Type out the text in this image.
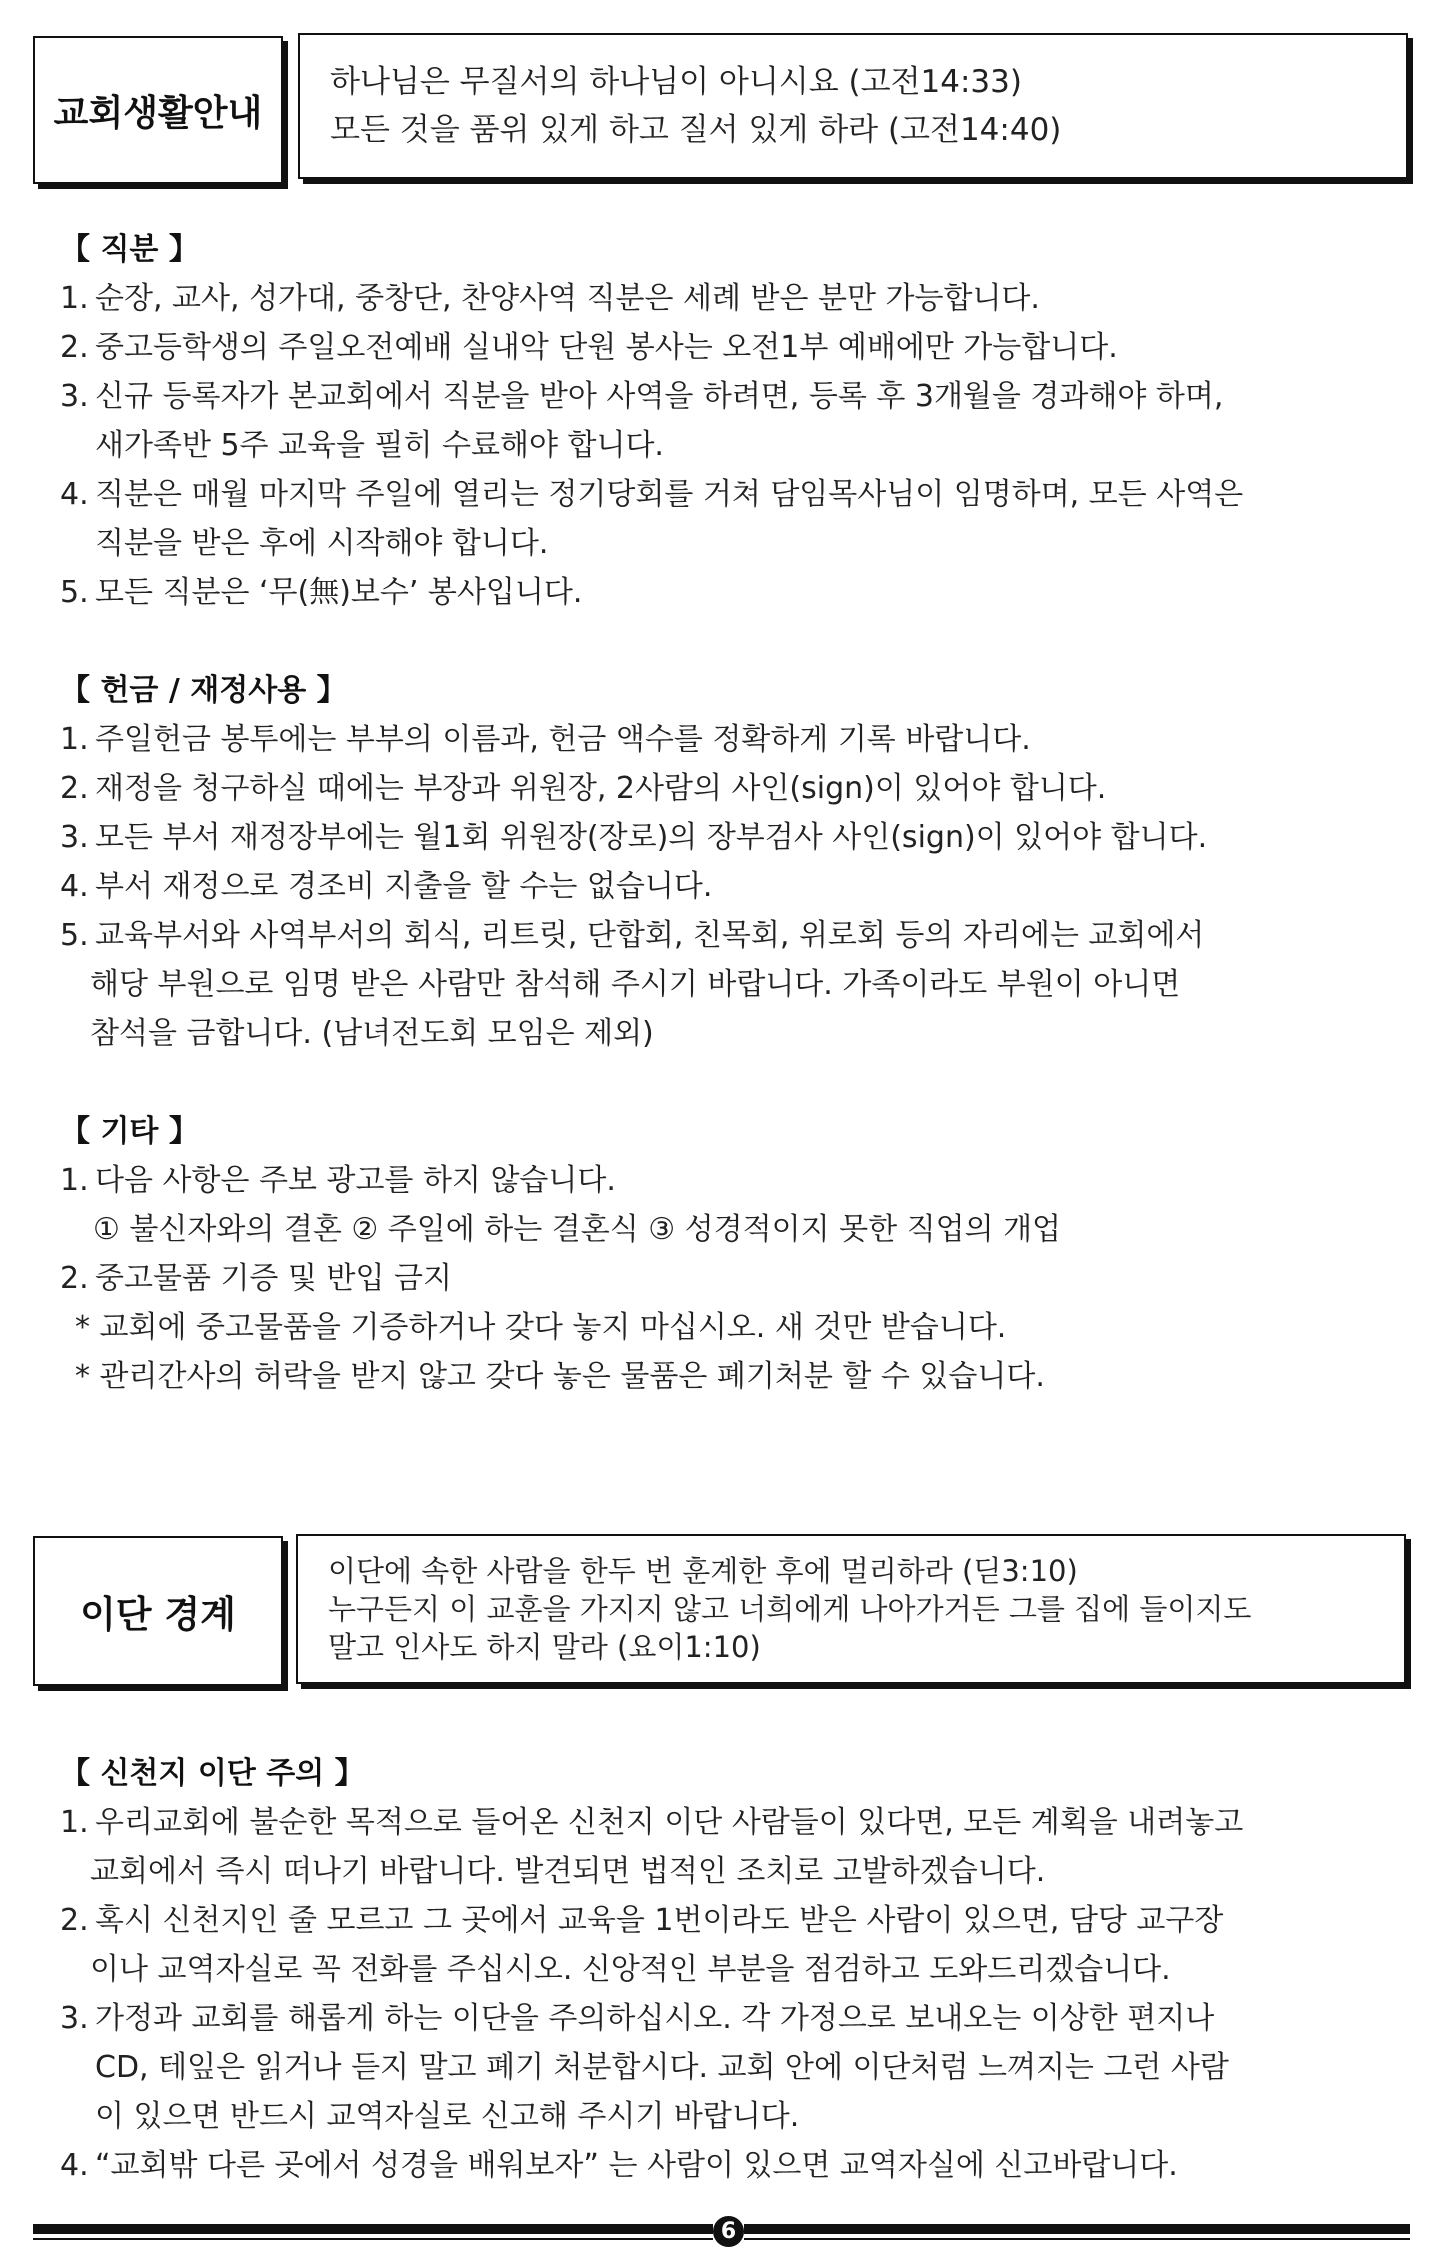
교회생활안내
하나님은 무질서의 하나님이 아니시요 (고전14:33)
모든 것을 품위 있게 하고 질서 있게 하라 (고전14:40)
【 직분 】
1. 순장, 교사, 성가대, 중창단, 찬양사역 직분은 세례 받은 분만 가능합니다.
2. 중고등학생의 주일오전예배 실내악 단원 봉사는 오전1부 예배에만 가능합니다.
3. 신규 등록자가 본교회에서 직분을 받아 사역을 하려면, 등록 후 3개월을 경과해야 하며,
새가족반 5주 교육을 필히 수료해야 합니다.
4. 직분은 매월 마지막 주일에 열리는 정기당회를 거쳐 담임목사님이 임명하며, 모든 사역은
직분을 받은 후에 시작해야 합니다.
5. 모든 직분은 ‘무(無)보수’ 봉사입니다.
【 헌금 / 재정사용 】
1. 주일헌금 봉투에는 부부의 이름과, 헌금 액수를 정확하게 기록 바랍니다.
2. 재정을 청구하실 때에는 부장과 위원장, 2사람의 사인(sign)이 있어야 합니다.
3. 모든 부서 재정장부에는 월1회 위원장(장로)의 장부검사 사인(sign)이 있어야 합니다.
4. 부서 재정으로 경조비 지출을 할 수는 없습니다.
5. 교육부서와 사역부서의 회식, 리트릿, 단합회, 친목회, 위로회 등의 자리에는 교회에서
해당 부원으로 임명 받은 사람만 참석해 주시기 바랍니다. 가족이라도 부원이 아니면
참석을 금합니다. (남녀전도회 모임은 제외)
【 기타 】
1. 다음 사항은 주보 광고를 하지 않습니다.
① 불신자와의 결혼 ② 주일에 하는 결혼식 ③ 성경적이지 못한 직업의 개업
2. 중고물품 기증 및 반입 금지
* 교회에 중고물품을 기증하거나 갖다 놓지 마십시오. 새 것만 받습니다.
* 관리간사의 허락을 받지 않고 갖다 놓은 물품은 폐기처분 할 수 있습니다.
이단 경계
이단에 속한 사람을 한두 번 훈계한 후에 멀리하라 (딛3:10)
누구든지 이 교훈을 가지지 않고 너희에게 나아가거든 그를 집에 들이지도
말고 인사도 하지 말라 (요이1:10)
【 신천지 이단 주의 】
1. 우리교회에 불순한 목적으로 들어온 신천지 이단 사람들이 있다면, 모든 계획을 내려놓고
교회에서 즉시 떠나기 바랍니다. 발견되면 법적인 조치로 고발하겠습니다.
2. 혹시 신천지인 줄 모르고 그 곳에서 교육을 1번이라도 받은 사람이 있으면, 담당 교구장
이나 교역자실로 꼭 전화를 주십시오. 신앙적인 부분을 점검하고 도와드리겠습니다.
3. 가정과 교회를 해롭게 하는 이단을 주의하십시오. 각 가정으로 보내오는 이상한 편지나
CD, 테잎은 읽거나 듣지 말고 폐기 처분합시다. 교회 안에 이단처럼 느껴지는 그런 사람
이 있으면 반드시 교역자실로 신고해 주시기 바랍니다.
4. “교회밖 다른 곳에서 성경을 배워보자” 는 사람이 있으면 교역자실에 신고바랍니다.
6
